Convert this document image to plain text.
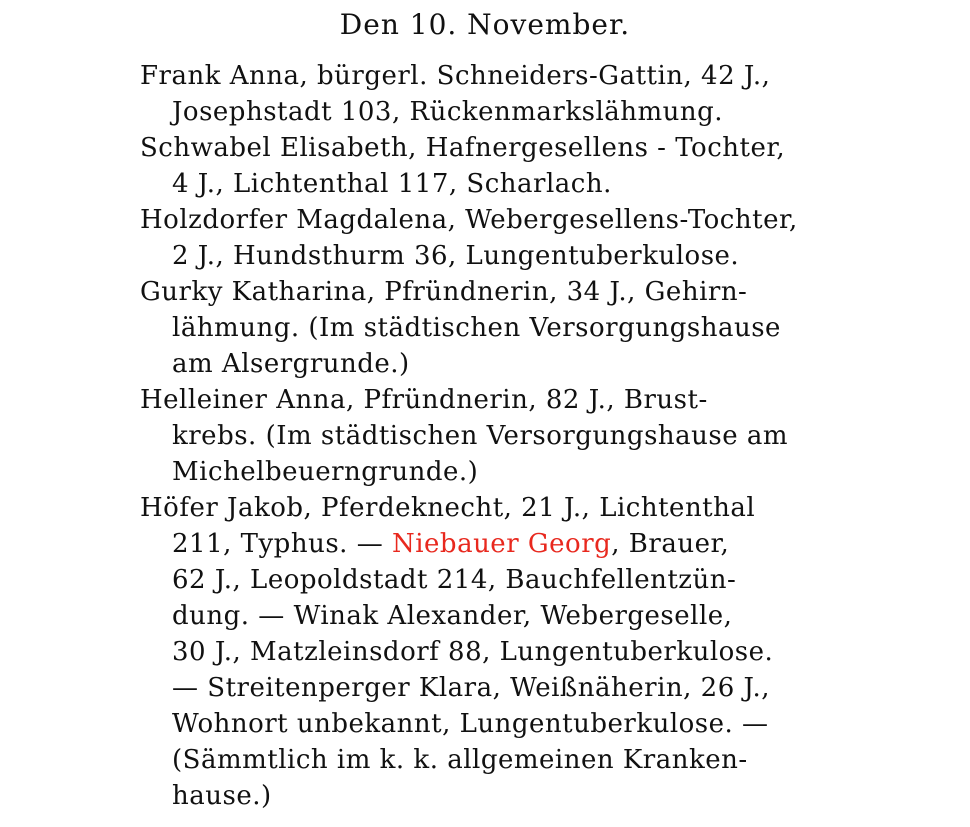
Den 10. November.
Frank Anna, bürgerl. Schneiders-Gattin, 42 J.,
Josephstadt 103, Rückenmarkslähmung.
Schwabel Elisabeth, Hafnergesellens - Tochter,
4 J., Lichtenthal 117, Scharlach.
Holzdorfer Magdalena, Webergesellens-Tochter,
2 J., Hundsthurm 36, Lungentuberkulose.
Gurky Katharina, Pfründnerin, 34 J., Gehirn-
lähmung. (Im städtischen Versorgungshause
am Alsergrunde.)
Helleiner Anna, Pfründnerin, 82 J., Brust-
krebs. (Im städtischen Versorgungshause am
Michelbeuerngrunde.)
Höfer Jakob, Pferdeknecht, 21 J., Lichtenthal
211, Typhus. — Niebauer Georg, Brauer,
62 J., Leopoldstadt 214, Bauchfellentzün-
dung. — Winak Alexander, Webergeselle,
30 J., Matzleinsdorf 88, Lungentuberkulose.
— Streitenperger Klara, Weißnäherin, 26 J.,
Wohnort unbekannt, Lungentuberkulose. —
(Sämmtlich im k. k. allgemeinen Kranken-
hause.)
